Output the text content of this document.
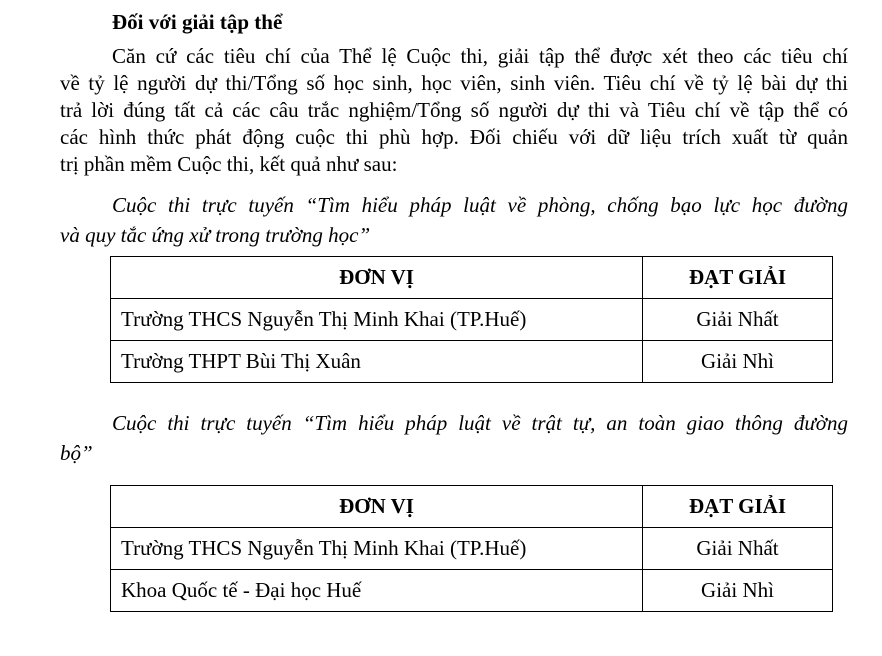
Đối với giải tập thể
Căn cứ các tiêu chí của Thể lệ Cuộc thi, giải tập thể được xét theo các tiêu chí
về tỷ lệ người dự thi/Tổng số học sinh, học viên, sinh viên. Tiêu chí về tỷ lệ bài dự thi
trả lời đúng tất cả các câu trắc nghiệm/Tổng số người dự thi và Tiêu chí về tập thể có
các hình thức phát động cuộc thi phù hợp. Đối chiếu với dữ liệu trích xuất từ quản
trị phần mềm Cuộc thi, kết quả như sau:
Cuộc thi trực tuyến “Tìm hiểu pháp luật về phòng, chống bạo lực học đường
và quy tắc ứng xử trong trường học”
ĐƠN VỊ	ĐẠT GIẢI
Trường THCS Nguyễn Thị Minh Khai (TP.Huế)	Giải Nhất
Trường THPT Bùi Thị Xuân	Giải Nhì
Cuộc thi trực tuyến “Tìm hiểu pháp luật về trật tự, an toàn giao thông đường
bộ”
ĐƠN VỊ	ĐẠT GIẢI
Trường THCS Nguyễn Thị Minh Khai (TP.Huế)	Giải Nhất
Khoa Quốc tế - Đại học Huế	Giải Nhì
